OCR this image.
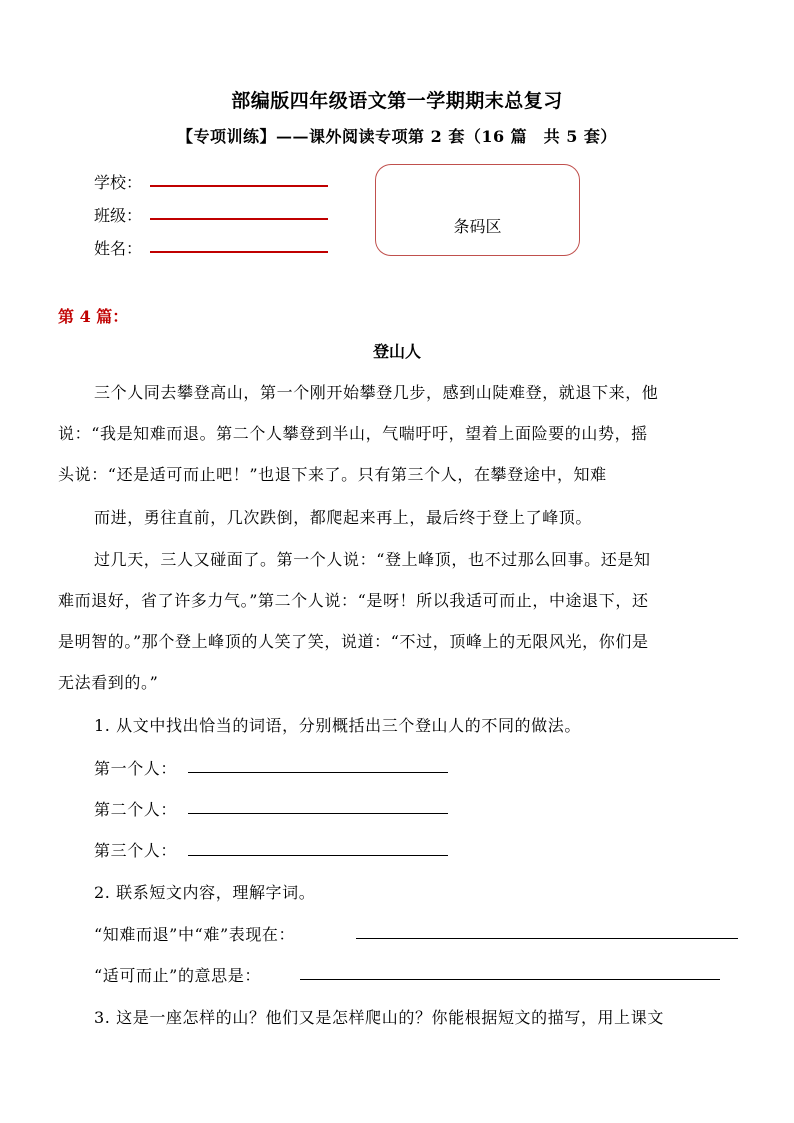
部编版四年级语文第一学期期末总复习
【专项训练】——课外阅读专项第 2 套（16 篇　共 5 套）
学校：
班级：
姓名：
条码区
第 4 篇：
登山人
三个人同去攀登高山，第一个刚开始攀登几步，感到山陡难登，就退下来，他
说：“我是知难而退。第二个人攀登到半山，气喘吁吁，望着上面险要的山势，摇
头说：“还是适可而止吧！”也退下来了。只有第三个人，在攀登途中，知难
而进，勇往直前，几次跌倒，都爬起来再上，最后终于登上了峰顶。
过几天，三人又碰面了。第一个人说：“登上峰顶，也不过那么回事。还是知
难而退好，省了许多力气。”第二个人说：“是呀！所以我适可而止，中途退下，还
是明智的。”那个登上峰顶的人笑了笑，说道：“不过，顶峰上的无限风光，你们是
无法看到的。”
1. 从文中找出恰当的词语，分别概括出三个登山人的不同的做法。
第一个人：
第二个人：
第三个人：
2. 联系短文内容，理解字词。
“知难而退”中“难”表现在：
“适可而止”的意思是：
3. 这是一座怎样的山？他们又是怎样爬山的？你能根据短文的描写，用上课文
